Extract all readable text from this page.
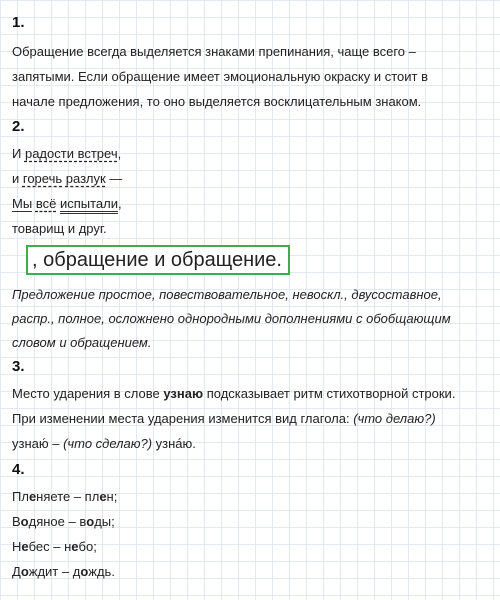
1.
Обращение всегда выделяется знаками препинания, чаще всего –
запятыми. Если обращение имеет эмоциональную окраску и стоит в
начале предложения, то оно выделяется восклицательным знаком.
2.
И радости встреч,
и горечь разлук —
Мы всё испытали,
товарищ и друг.
, обращение и обращение.
Предложение простое, повествовательное, невоскл., двусоставное,
распр., полное, осложнено однородными дополнениями с обобщающим
словом и обращением.
3.
Место ударения в слове узнаю подсказывает ритм стихотворной строки.
При изменении места ударения изменится вид глагола: (что делаю?)
узнаю́ – (что сделаю?) узна́ю.
4.
Пленяете – плен;
Водяное – воды;
Небес – небо;
Дождит – дождь.
